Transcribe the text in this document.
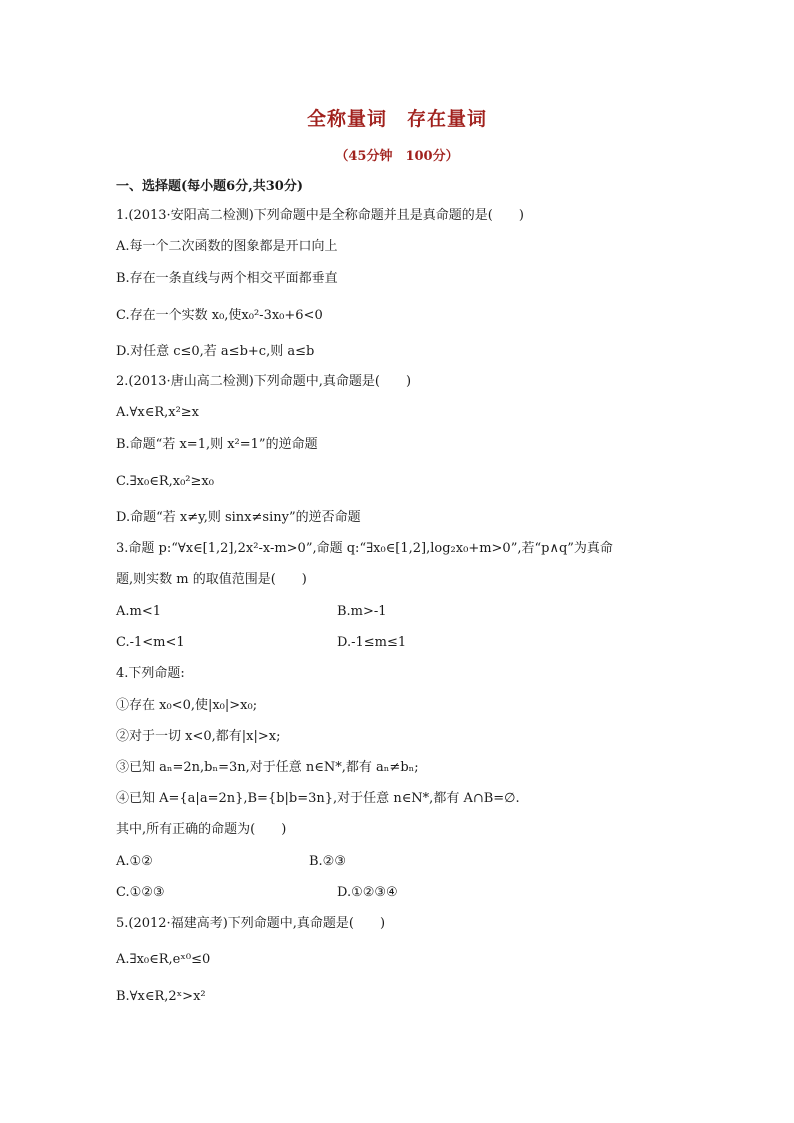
全称量词　存在量词
（45分钟　100分）
一、选择题(每小题6分,共30分)
1.(2013·安阳高二检测)下列命题中是全称命题并且是真命题的是(　　)
A.每一个二次函数的图象都是开口向上
B.存在一条直线与两个相交平面都垂直
C.存在一个实数 x₀,使x₀²-3x₀+6<0
D.对任意 c≤0,若 a≤b+c,则 a≤b
2.(2013·唐山高二检测)下列命题中,真命题是(　　)
A.∀x∈R,x²≥x
B.命题“若 x=1,则 x²=1”的逆命题
C.∃x₀∈R,x₀²≥x₀
D.命题“若 x≠y,则 sinx≠siny”的逆否命题
3.命题 p:“∀x∈[1,2],2x²-x-m>0”,命题 q:“∃x₀∈[1,2],log₂x₀+m>0”,若“p∧q”为真命
题,则实数 m 的取值范围是(　　)
A.m<1	B.m>-1
C.-1<m<1	D.-1≤m≤1
4.下列命题:
①存在 x₀<0,使|x₀|>x₀;
②对于一切 x<0,都有|x|>x;
③已知 aₙ=2n,bₙ=3n,对于任意 n∈N*,都有 aₙ≠bₙ;
④已知 A={a|a=2n},B={b|b=3n},对于任意 n∈N*,都有 A∩B=∅.
其中,所有正确的命题为(　　)
A.①②	B.②③
C.①②③	D.①②③④
5.(2012·福建高考)下列命题中,真命题是(　　)
A.∃x₀∈R,eˣ⁰≤0
B.∀x∈R,2ˣ>x²
